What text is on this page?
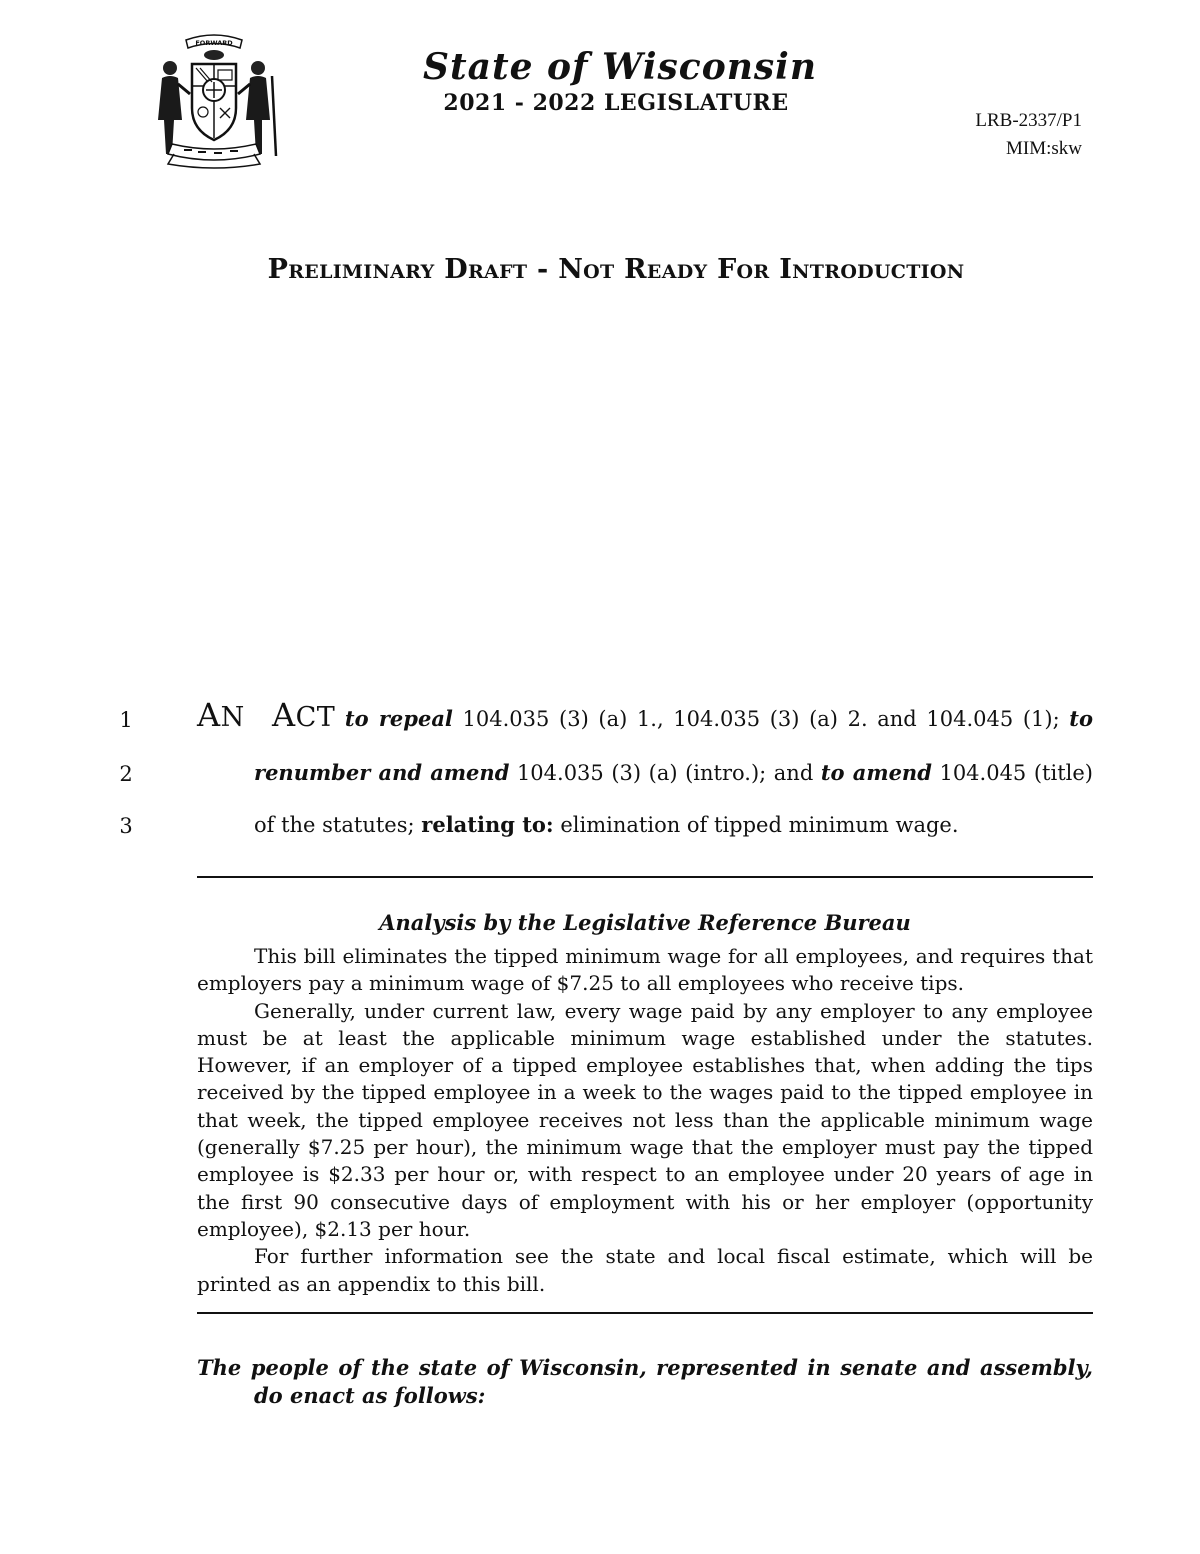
FORWARD
State of Wisconsin
2021 - 2022 LEGISLATURE
LRB-2337/P1
MIM:skw
Preliminary Draft - Not Ready For Introduction
1
2
3
AN ACT to repeal 104.035 (3) (a) 1., 104.035 (3) (a) 2. and 104.045 (1); to
renumber and amend 104.035 (3) (a) (intro.); and to amend 104.045 (title)
of the statutes; relating to: elimination of tipped minimum wage.
Analysis by the Legislative Reference Bureau

This bill eliminates the tipped minimum wage for all employees, and requires that employers pay a minimum wage of $7.25 to all employees who receive tips.

Generally, under current law, every wage paid by any employer to any employee must be at least the applicable minimum wage established under the statutes. However, if an employer of a tipped employee establishes that, when adding the tips received by the tipped employee in a week to the wages paid to the tipped employee in that week, the tipped employee receives not less than the applicable minimum wage (generally $7.25 per hour), the minimum wage that the employer must pay the tipped employee is $2.33 per hour or, with respect to an employee under 20 years of age in the first 90 consecutive days of employment with his or her employer (opportunity employee), $2.13 per hour.

For further information see the state and local fiscal estimate, which will be printed as an appendix to this bill.

The people of the state of Wisconsin, represented in senate and assembly, do enact as follows:
